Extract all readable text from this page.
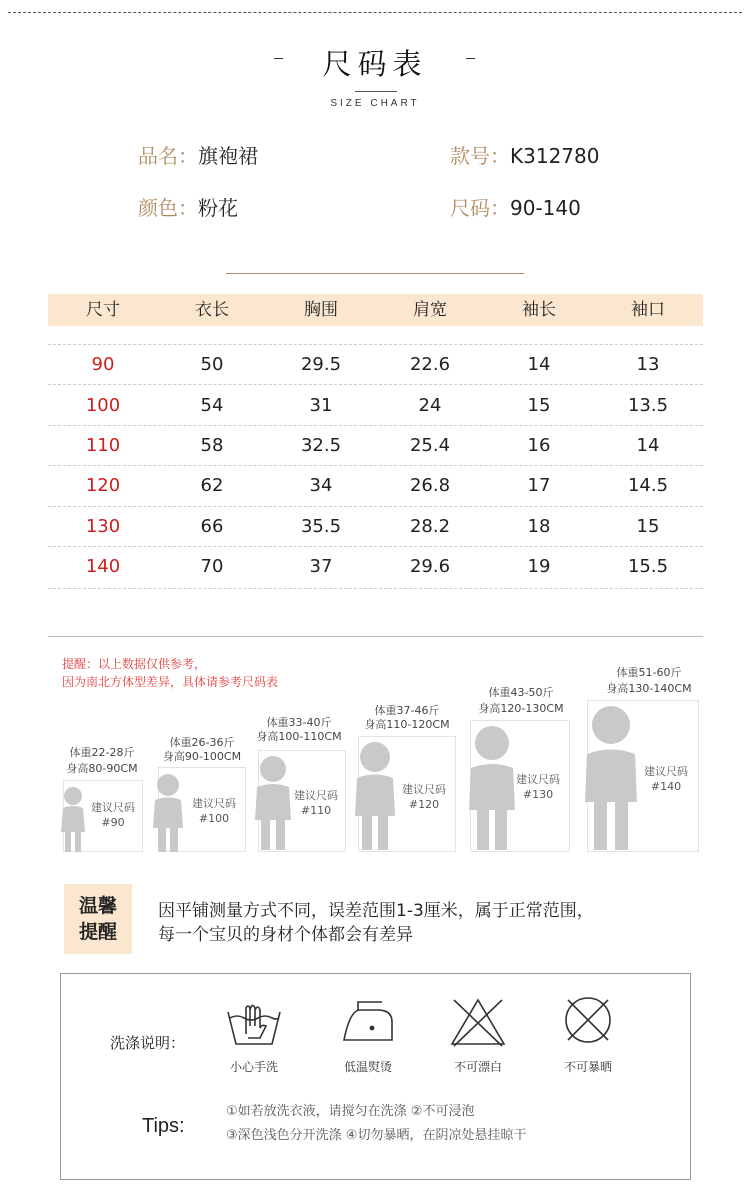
尺码表
SIZE CHART
品名：旗袍裙	款号：K312780
颜色：粉花	尺码：90-140
尺寸	衣长	胸围	肩宽	袖长	袖口
90	50	29.5	22.6	14	13
100	54	31	24	15	13.5
110	58	32.5	25.4	16	14
120	62	34	26.8	17	14.5
130	66	35.5	28.2	18	15
140	70	37	29.6	19	15.5
提醒：以上数据仅供参考，
因为南北方体型差异，具体请参考尺码表
体重22-28斤
身高80-90CM
建议尺码
#90
体重26-36斤
身高90-100CM
建议尺码
#100
体重33-40斤
身高100-110CM
建议尺码
#110
体重37-46斤
身高110-120CM
建议尺码
#120
体重43-50斤
身高120-130CM
建议尺码
#130
体重51-60斤
身高130-140CM
建议尺码
#140
温馨
提醒
因平铺测量方式不同，误差范围1-3厘米，属于正常范围，
每一个宝贝的身材个体都会有差异
洗涤说明：
小心手洗	低温熨烫	不可漂白	不可暴晒
Tips:
①如若放洗衣液，请搅匀在洗涤 ②不可浸泡
③深色浅色分开洗涤 ④切勿暴晒，在阴凉处悬挂晾干
